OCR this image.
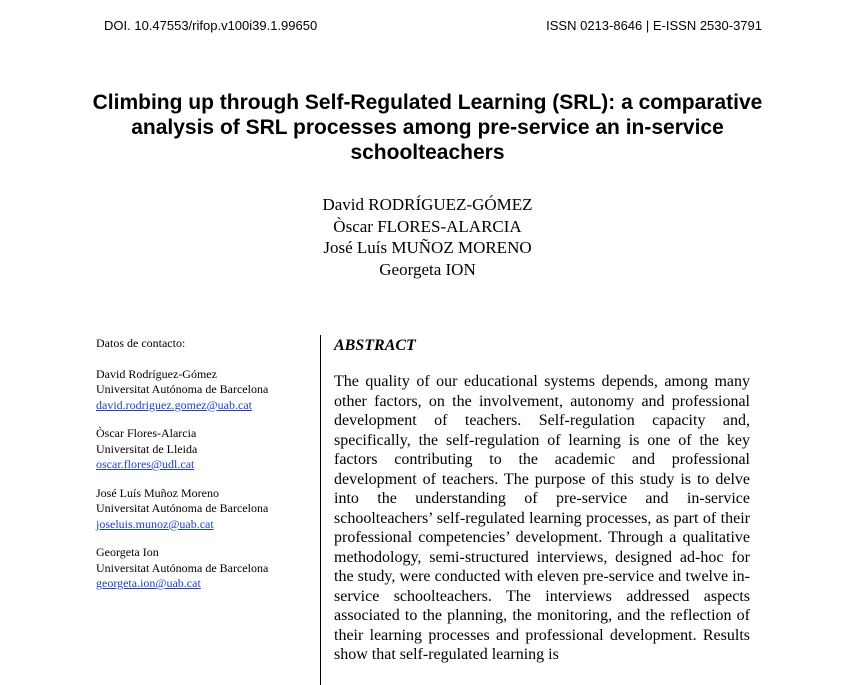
DOI. 10.47553/rifop.v100i39.1.99650	ISSN 0213-8646 | E-ISSN 2530-3791
Climbing up through Self-Regulated Learning (SRL): a comparative analysis of SRL processes among pre-service an in-service schoolteachers
David RODRÍGUEZ-GÓMEZ
Òscar FLORES-ALARCIA
José Luís MUÑOZ MORENO
Georgeta ION
Datos de contacto:
David Rodríguez-Gómez
Universitat Autónoma de Barcelona
david.rodriguez.gomez@uab.cat
Òscar Flores-Alarcia
Universitat de Lleida
oscar.flores@udl.cat
José Luís Muñoz Moreno
Universitat Autónoma de Barcelona
joseluis.munoz@uab.cat
Georgeta Ion
Universitat Autónoma de Barcelona
georgeta.ion@uab.cat
ABSTRACT

The quality of our educational systems depends, among many other factors, on the involvement, autonomy and professional development of teachers. Self-regulation capacity and, specifically, the self-regulation of learning is one of the key factors contributing to the academic and professional development of teachers. The purpose of this study is to delve into the understanding of pre-service and in-service schoolteachers’ self-regulated learning processes, as part of their professional competencies’ development. Through a qualitative methodology, semi-structured interviews, designed ad-hoc for the study, were conducted with eleven pre-service and twelve in-service schoolteachers. The interviews addressed aspects associated to the planning, the monitoring, and the reflection of their learning processes and professional development. Results show that self-regulated learning is
